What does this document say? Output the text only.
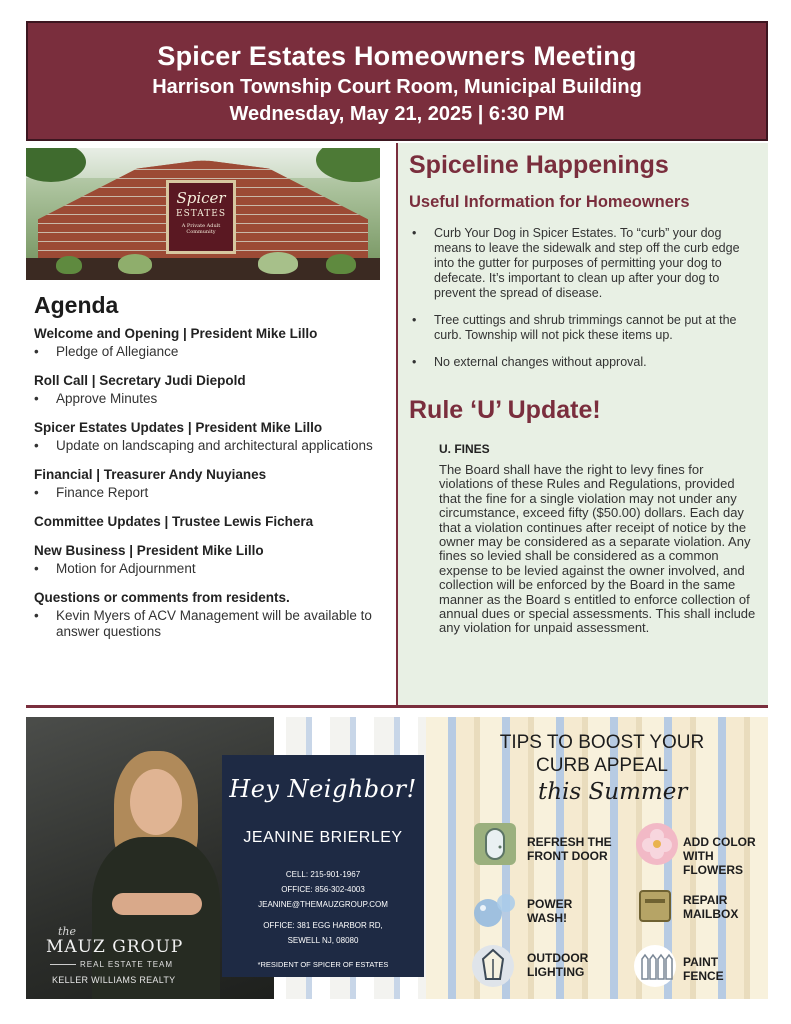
Spicer Estates Homeowners Meeting
Harrison Township Court Room, Municipal Building
Wednesday, May 21, 2025 | 6:30 PM
Spicer
ESTATES
A Private Adult Community
Agenda
Welcome and Opening | President Mike Lillo
• Pledge of Allegiance
Roll Call | Secretary Judi Diepold
• Approve Minutes
Spicer Estates Updates | President Mike Lillo
• Update on landscaping and architectural applications
Financial | Treasurer Andy Nuyianes
• Finance Report
Committee Updates | Trustee Lewis Fichera
New Business | President Mike Lillo
• Motion for Adjournment
Questions or comments from residents.
• Kevin Myers of ACV Management will be available to answer questions
Spiceline Happenings
Useful Information for Homeowners
• Curb Your Dog in Spicer Estates. To “curb” your dog means to leave the sidewalk and step off the curb edge into the gutter for purposes of permitting your dog to defecate. It’s important to clean up after your dog to prevent the spread of disease.
• Tree cuttings and shrub trimmings cannot be put at the curb. Township will not pick these items up.
• No external changes without approval.
Rule ‘U’ Update!
U. FINES
The Board shall have the right to levy fines for violations of these Rules and Regulations, provided that the fine for a single violation may not under any circumstance, exceed fifty ($50.00) dollars. Each day that a violation continues after receipt of notice by the owner may be considered as a separate violation. Any fines so levied shall be considered as a common expense to be levied against the owner involved, and collection will be enforced by the Board in the same manner as the Board s entitled to enforce collection of annual dues or special assessments. This shall include any violation for unpaid assessment.
the
MAUZ GROUP
REAL ESTATE TEAM
KELLER WILLIAMS REALTY
TIPS TO BOOST YOUR
CURB APPEAL
this Summer
REFRESH THE
FRONT DOOR
ADD COLOR
WITH FLOWERS
POWER
WASH!
REPAIR
MAILBOX
OUTDOOR
LIGHTING
PAINT
FENCE
Hey Neighbor!
JEANINE BRIERLEY
CELL: 215-901-1967
OFFICE: 856-302-4003
JEANINE@THEMAUZGROUP.COM
OFFICE: 381 EGG HARBOR RD,
SEWELL NJ, 08080
*RESIDENT OF SPICER OF ESTATES
